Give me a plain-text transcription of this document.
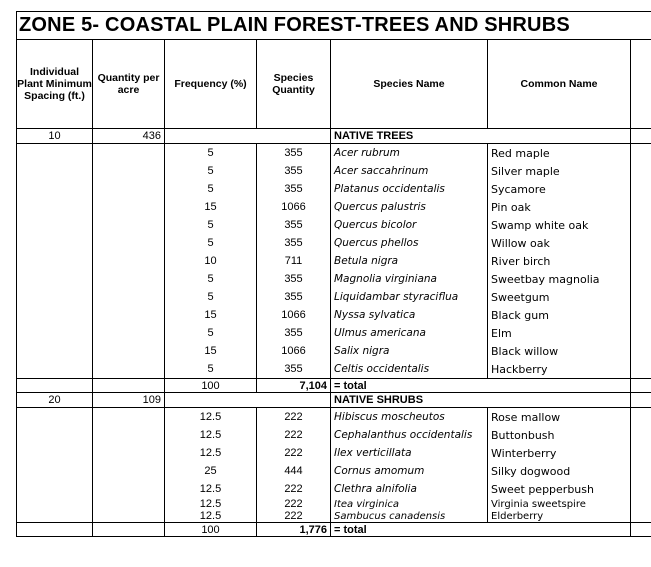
ZONE 5- COASTAL PLAIN FOREST-TREES AND SHRUBS
Individual Plant Minimum Spacing (ft.)	Quantity per acre	Frequency (%)	Species Quantity	Species Name	Common Name	
10	436			NATIVE TREES		
		5	355	Acer rubrum	Red maple	
		5	355	Acer saccahrinum	Silver maple	
		5	355	Platanus occidentalis	Sycamore	
		15	1066	Quercus palustris	Pin oak	
		5	355	Quercus bicolor	Swamp white oak	
		5	355	Quercus phellos	Willow oak	
		10	711	Betula nigra	River birch	
		5	355	Magnolia virginiana	Sweetbay magnolia	
		5	355	Liquidambar styraciflua	Sweetgum	
		15	1066	Nyssa sylvatica	Black gum	
		5	355	Ulmus americana	Elm	
		15	1066	Salix nigra	Black willow	
		5	355	Celtis occidentalis	Hackberry	
		100	7,104	= total		
20	109			NATIVE SHRUBS		
		12.5	222	Hibiscus moscheutos	Rose mallow	
		12.5	222	Cephalanthus occidentalis	Buttonbush	
		12.5	222	Ilex verticillata	Winterberry	
		25	444	Cornus amomum	Silky dogwood	
		12.5	222	Clethra alnifolia	Sweet pepperbush	
		12.5	222	Itea virginica	Virginia sweetspire	
		12.5	222	Sambucus canadensis	Elderberry	
		100	1,776	= total		
